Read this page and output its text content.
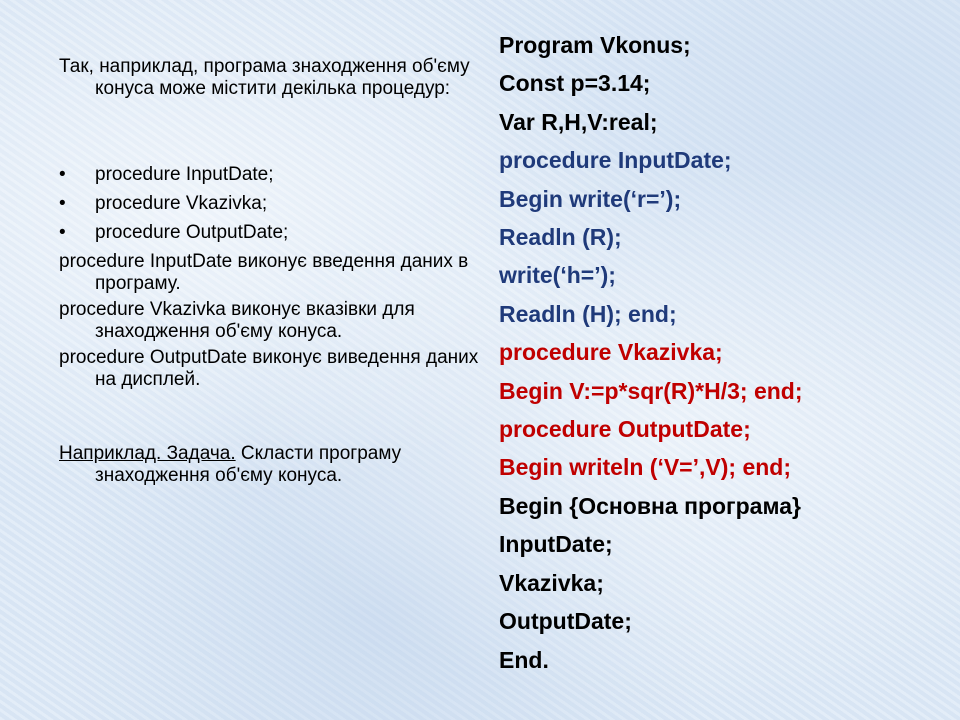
Так, наприклад, програма знаходження об'єму конуса може містити декілька процедур:

• procedure InputDate;
• procedure Vkazivka;
• procedure OutputDate;

procedure InputDate виконує введення даних в програму.

procedure Vkazivka виконує вказівки для знаходження об'єму конуса.

procedure OutputDate виконує виведення даних на дисплей.

Наприклад. Задача. Скласти програму знаходження об'єму конуса.

Program Vkonus;
Const p=3.14;
Var R,H,V:real;
procedure InputDate;
Begin write(‘r=’);
Readln (R);
write(‘h=’);
Readln (H); end;
procedure Vkazivka;
Begin V:=p*sqr(R)*H/3; end;
procedure OutputDate;
Begin writeln (‘V=’,V); end;
Begin {Основна програма}
InputDate;
Vkazivka;
OutputDate;
End.
